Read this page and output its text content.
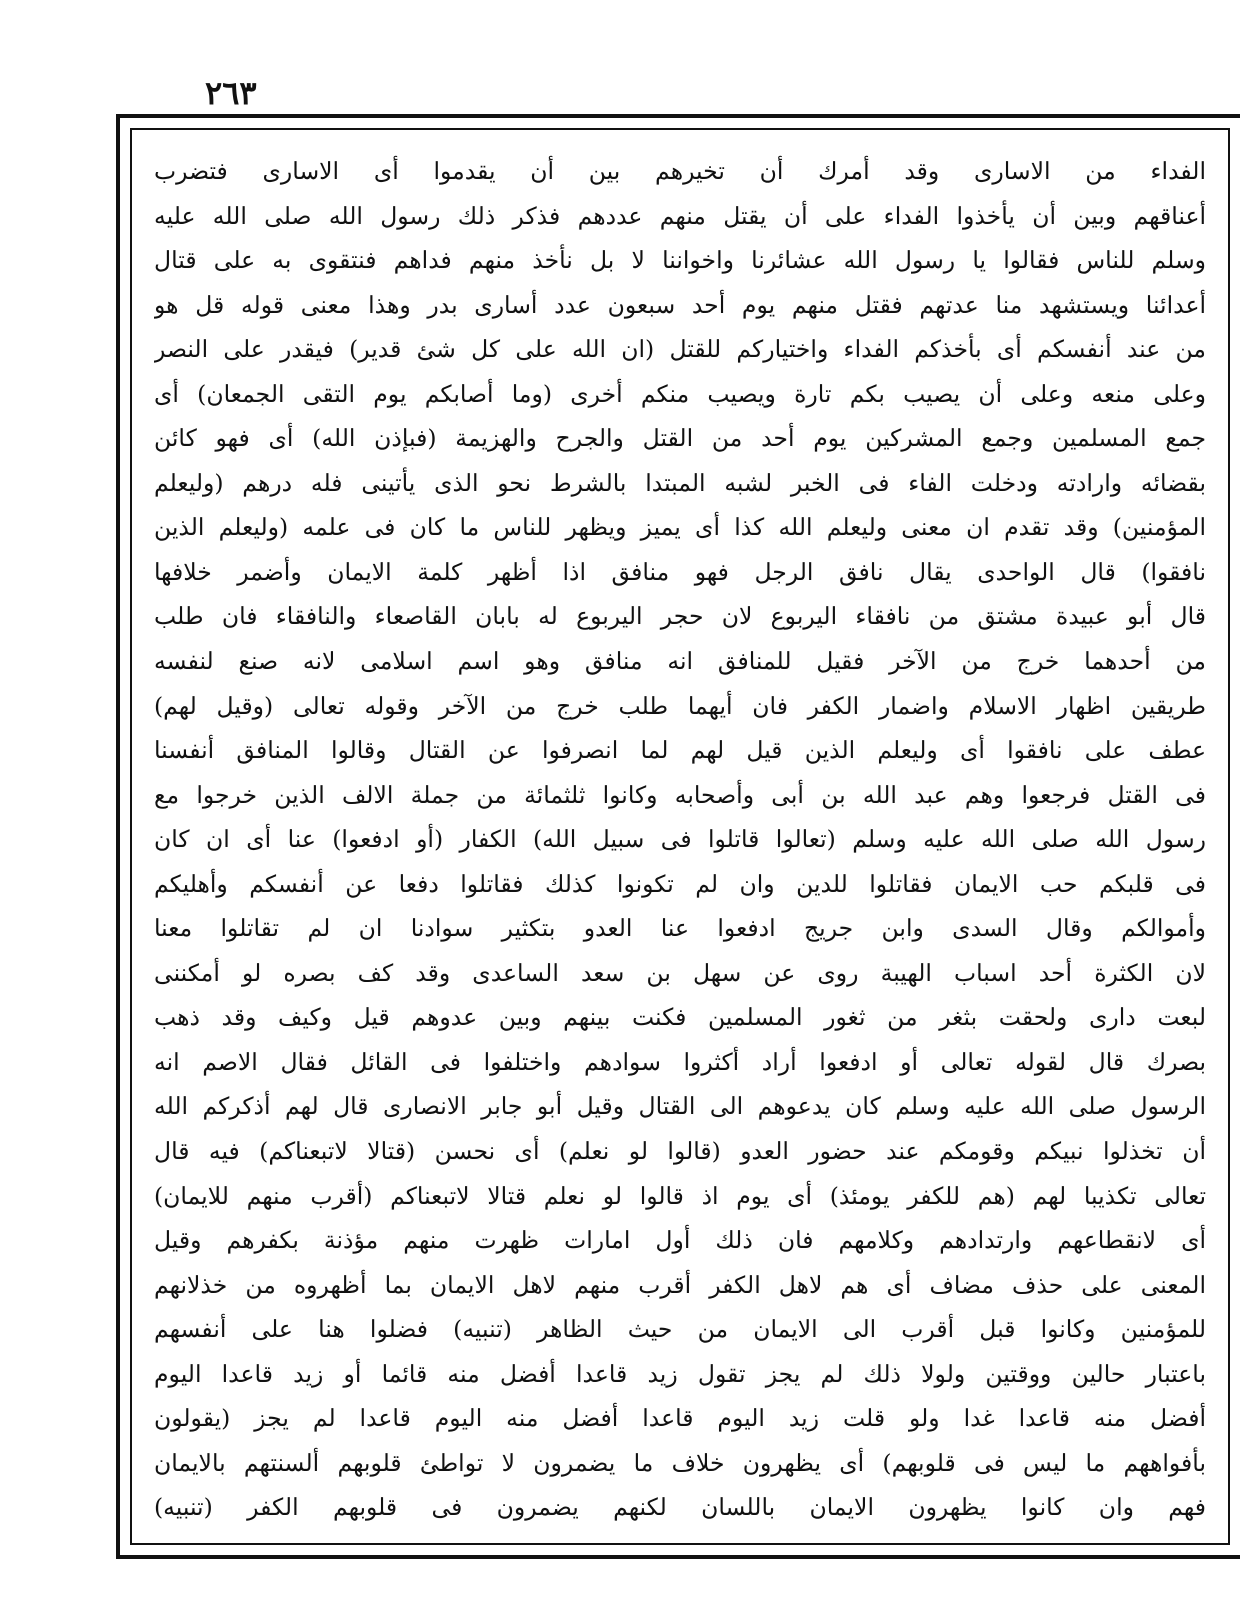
٢٦٣
الفداء من الاسارى وقد أمرك أن تخيرهم بين أن يقدموا أى الاسارى فتضرب
أعناقهم وبين أن يأخذوا الفداء على أن يقتل منهم عددهم فذكر ذلك رسول الله صلى الله عليه
وسلم للناس فقالوا يا رسول الله عشائرنا واخواننا لا بل نأخذ منهم فداهم فنتقوى به على قتال
أعدائنا ويستشهد منا عدتهم فقتل منهم يوم أحد سبعون عدد أسارى بدر وهذا معنى قوله قل هو
من عند أنفسكم أى بأخذكم الفداء واختياركم للقتل (ان الله على كل شئ قدير) فيقدر على النصر
وعلى منعه وعلى أن يصيب بكم تارة ويصيب منكم أخرى (وما أصابكم يوم التقى الجمعان) أى
جمع المسلمين وجمع المشركين يوم أحد من القتل والجرح والهزيمة (فبإذن الله) أى فهو كائن
بقضائه وارادته ودخلت الفاء فى الخبر لشبه المبتدا بالشرط نحو الذى يأتينى فله درهم (وليعلم
المؤمنين) وقد تقدم ان معنى وليعلم الله كذا أى يميز ويظهر للناس ما كان فى علمه (وليعلم الذين
نافقوا) قال الواحدى يقال نافق الرجل فهو منافق اذا أظهر كلمة الايمان وأضمر خلافها
قال أبو عبيدة مشتق من نافقاء اليربوع لان حجر اليربوع له بابان القاصعاء والنافقاء فان طلب
من أحدهما خرج من الآخر فقيل للمنافق انه منافق وهو اسم اسلامى لانه صنع لنفسه
طريقين اظهار الاسلام واضمار الكفر فان أيهما طلب خرج من الآخر وقوله تعالى (وقيل لهم)
عطف على نافقوا أى وليعلم الذين قيل لهم لما انصرفوا عن القتال وقالوا المنافق أنفسنا
فى القتل فرجعوا وهم عبد الله بن أبى وأصحابه وكانوا ثلثمائة من جملة الالف الذين خرجوا مع
رسول الله صلى الله عليه وسلم (تعالوا قاتلوا فى سبيل الله) الكفار (أو ادفعوا) عنا أى ان كان
فى قلبكم حب الايمان فقاتلوا للدين وان لم تكونوا كذلك فقاتلوا دفعا عن أنفسكم وأهليكم
وأموالكم وقال السدى وابن جريج ادفعوا عنا العدو بتكثير سوادنا ان لم تقاتلوا معنا
لان الكثرة أحد اسباب الهيبة روى عن سهل بن سعد الساعدى وقد كف بصره لو أمكننى
لبعت دارى ولحقت بثغر من ثغور المسلمين فكنت بينهم وبين عدوهم قيل وكيف وقد ذهب
بصرك قال لقوله تعالى أو ادفعوا أراد أكثروا سوادهم واختلفوا فى القائل فقال الاصم انه
الرسول صلى الله عليه وسلم كان يدعوهم الى القتال وقيل أبو جابر الانصارى قال لهم أذكركم الله
أن تخذلوا نبيكم وقومكم عند حضور العدو (قالوا لو نعلم) أى نحسن (قتالا لاتبعناكم) فيه قال
تعالى تكذيبا لهم (هم للكفر يومئذ) أى يوم اذ قالوا لو نعلم قتالا لاتبعناكم (أقرب منهم للايمان)
أى لانقطاعهم وارتدادهم وكلامهم فان ذلك أول امارات ظهرت منهم مؤذنة بكفرهم وقيل
المعنى على حذف مضاف أى هم لاهل الكفر أقرب منهم لاهل الايمان بما أظهروه من خذلانهم
للمؤمنين وكانوا قبل أقرب الى الايمان من حيث الظاهر (تنبيه) فضلوا هنا على أنفسهم
باعتبار حالين ووقتين ولولا ذلك لم يجز تقول زيد قاعدا أفضل منه قائما أو زيد قاعدا اليوم
أفضل منه قاعدا غدا ولو قلت زيد اليوم قاعدا أفضل منه اليوم قاعدا لم يجز (يقولون
بأفواههم ما ليس فى قلوبهم) أى يظهرون خلاف ما يضمرون لا تواطئ قلوبهم ألسنتهم بالايمان
فهم وان كانوا يظهرون الايمان باللسان لكنهم يضمرون فى قلوبهم الكفر (تنبيه)
